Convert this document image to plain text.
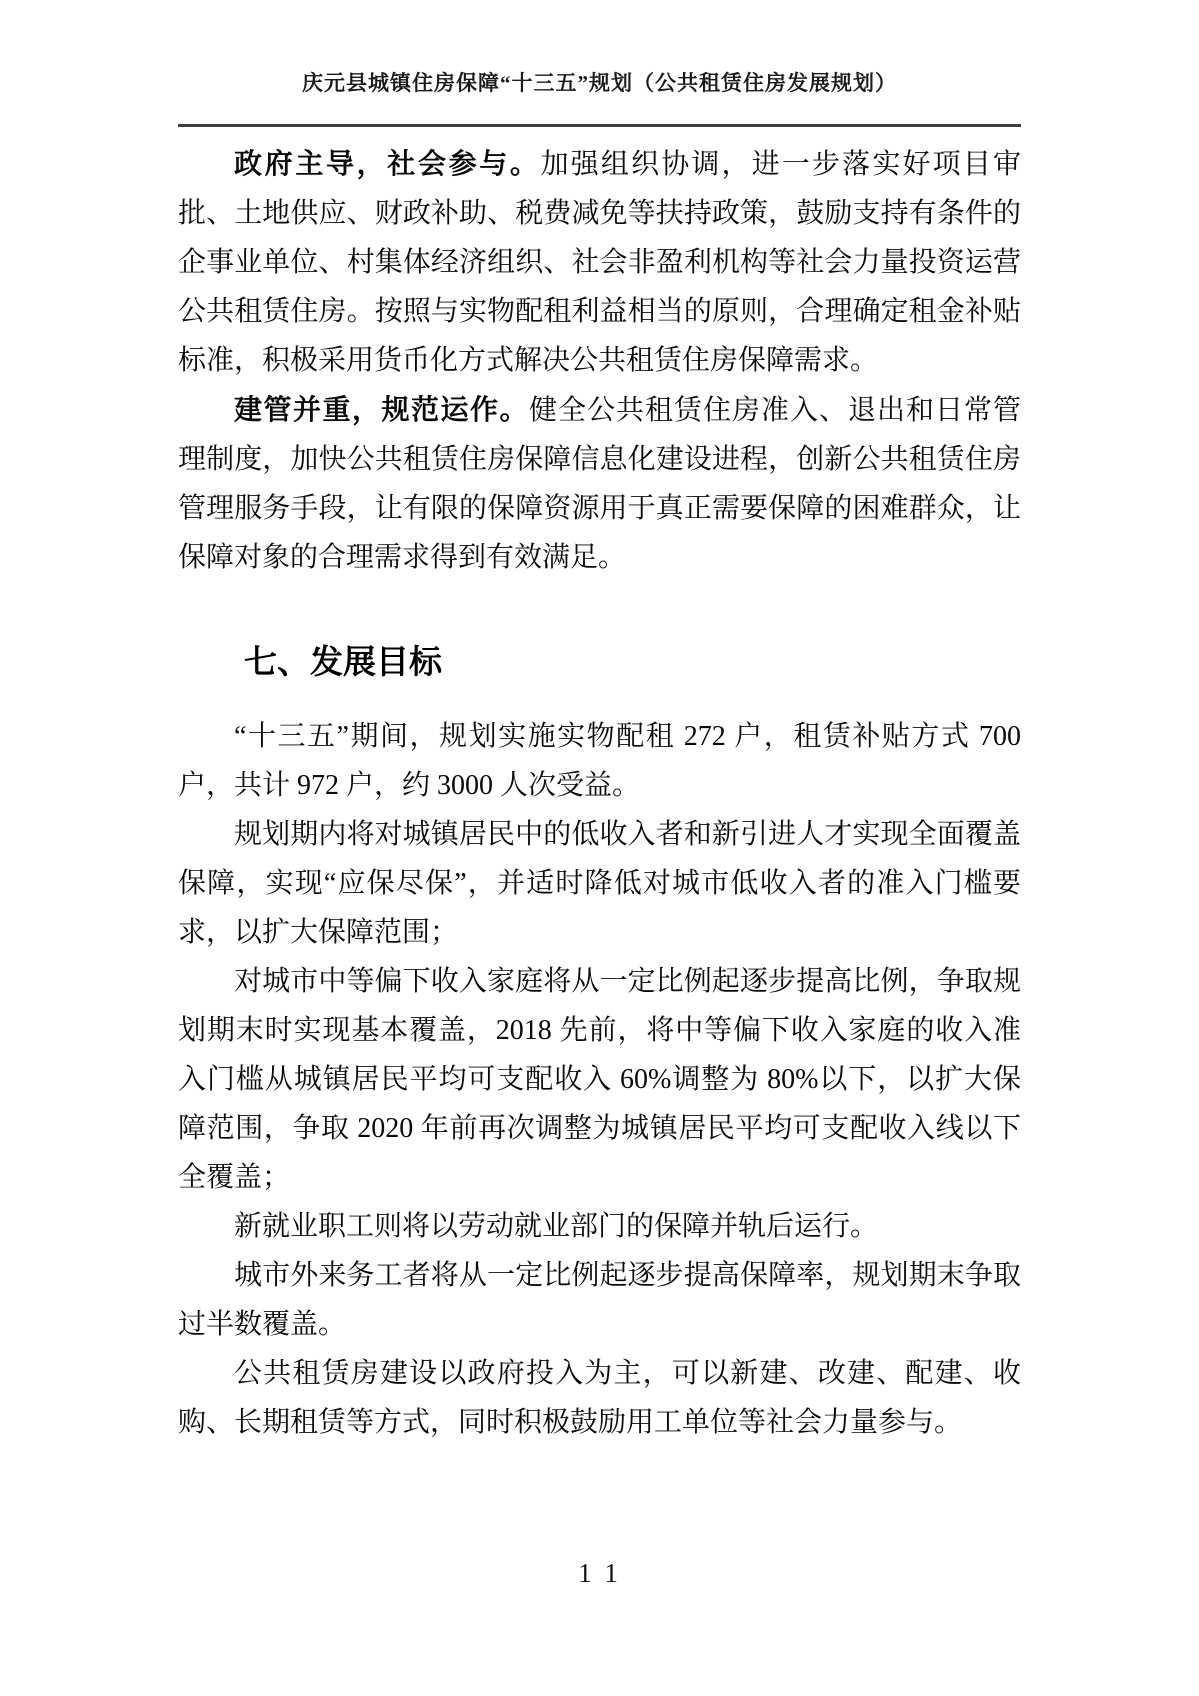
庆元县城镇住房保障“十三五”规划（公共租赁住房发展规划）

政府主导，社会参与。加强组织协调，进一步落实好项目审批、土地供应、财政补助、税费减免等扶持政策，鼓励支持有条件的企事业单位、村集体经济组织、社会非盈利机构等社会力量投资运营公共租赁住房。按照与实物配租利益相当的原则，合理确定租金补贴标准，积极采用货币化方式解决公共租赁住房保障需求。

建管并重，规范运作。健全公共租赁住房准入、退出和日常管理制度，加快公共租赁住房保障信息化建设进程，创新公共租赁住房管理服务手段，让有限的保障资源用于真正需要保障的困难群众，让保障对象的合理需求得到有效满足。

七、发展目标

“十三五”期间，规划实施实物配租 272 户，租赁补贴方式 700 户，共计 972 户，约 3000 人次受益。

规划期内将对城镇居民中的低收入者和新引进人才实现全面覆盖保障，实现“应保尽保”，并适时降低对城市低收入者的准入门槛要求，以扩大保障范围；

对城市中等偏下收入家庭将从一定比例起逐步提高比例，争取规划期末时实现基本覆盖，2018 先前，将中等偏下收入家庭的收入准入门槛从城镇居民平均可支配收入 60%调整为 80%以下，以扩大保障范围，争取 2020 年前再次调整为城镇居民平均可支配收入线以下全覆盖；

新就业职工则将以劳动就业部门的保障并轨后运行。

城市外来务工者将从一定比例起逐步提高保障率，规划期末争取过半数覆盖。

公共租赁房建设以政府投入为主，可以新建、改建、配建、收购、长期租赁等方式，同时积极鼓励用工单位等社会力量参与。

1 1
